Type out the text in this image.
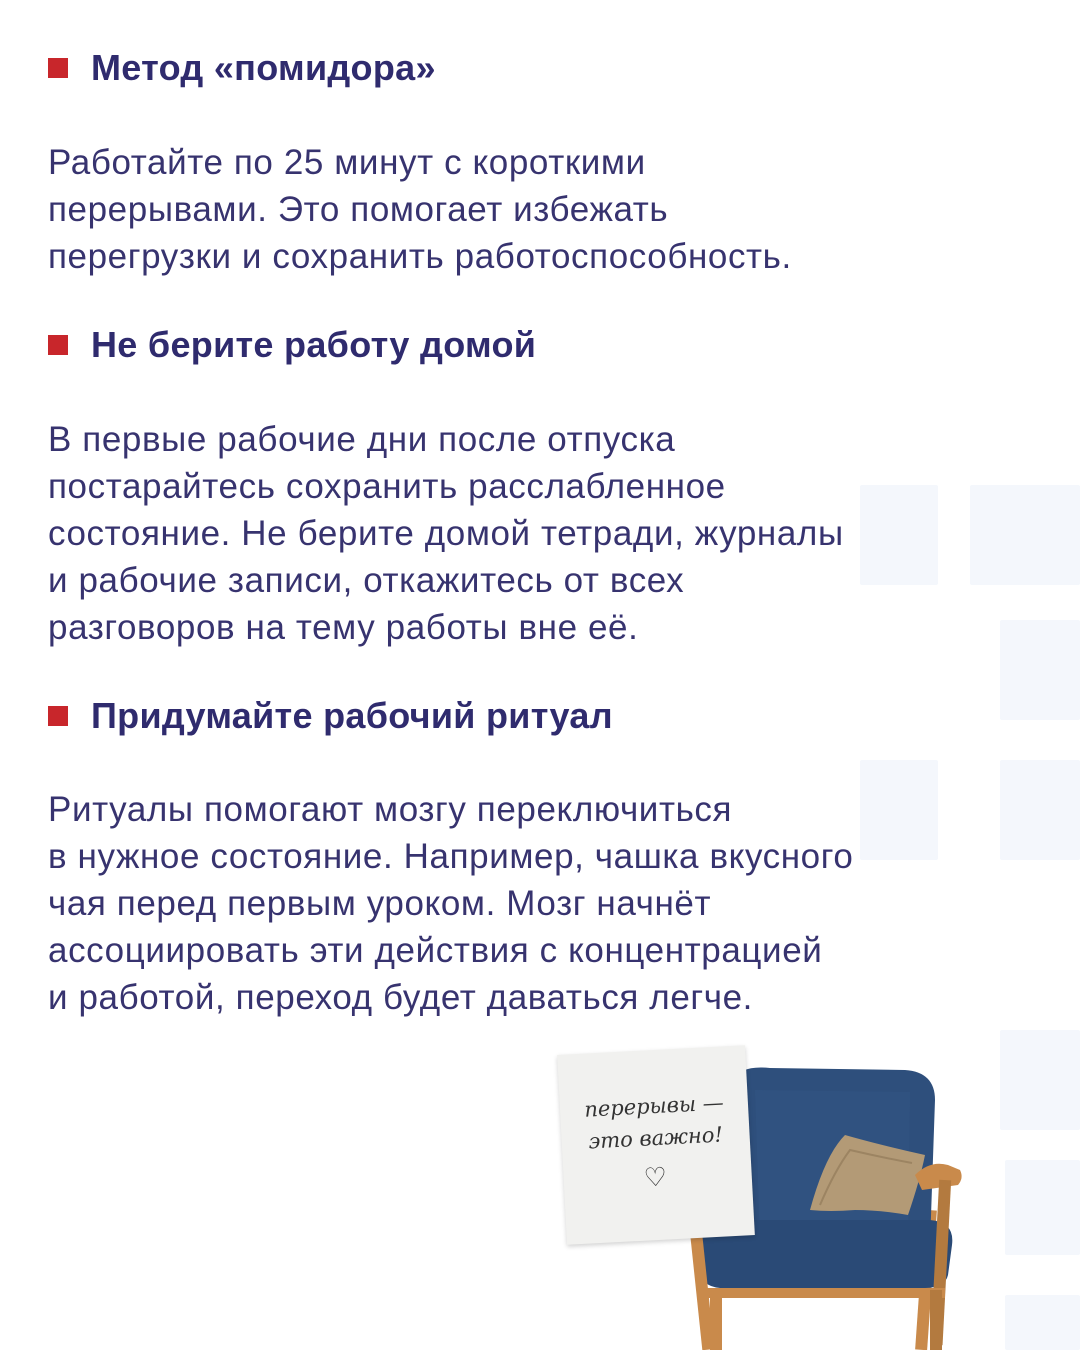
Метод «помидора»

Работайте по 25 минут с короткими

перерывами. Это помогает избежать

перегрузки и сохранить работоспособность.

Не берите работу домой

В первые рабочие дни после отпуска

постарайтесь сохранить расслабленное

состояние. Не берите домой тетради, журналы

и рабочие записи, откажитесь от всех

разговоров на тему работы вне её.

Придумайте рабочий ритуал

Ритуалы помогают мозгу переключиться

в нужное состояние. Например, чашка вкусного

чая перед первым уроком. Мозг начнёт

ассоциировать эти действия с концентрацией

и работой, переход будет даваться легче.

перерывы —
это важно!
♡
